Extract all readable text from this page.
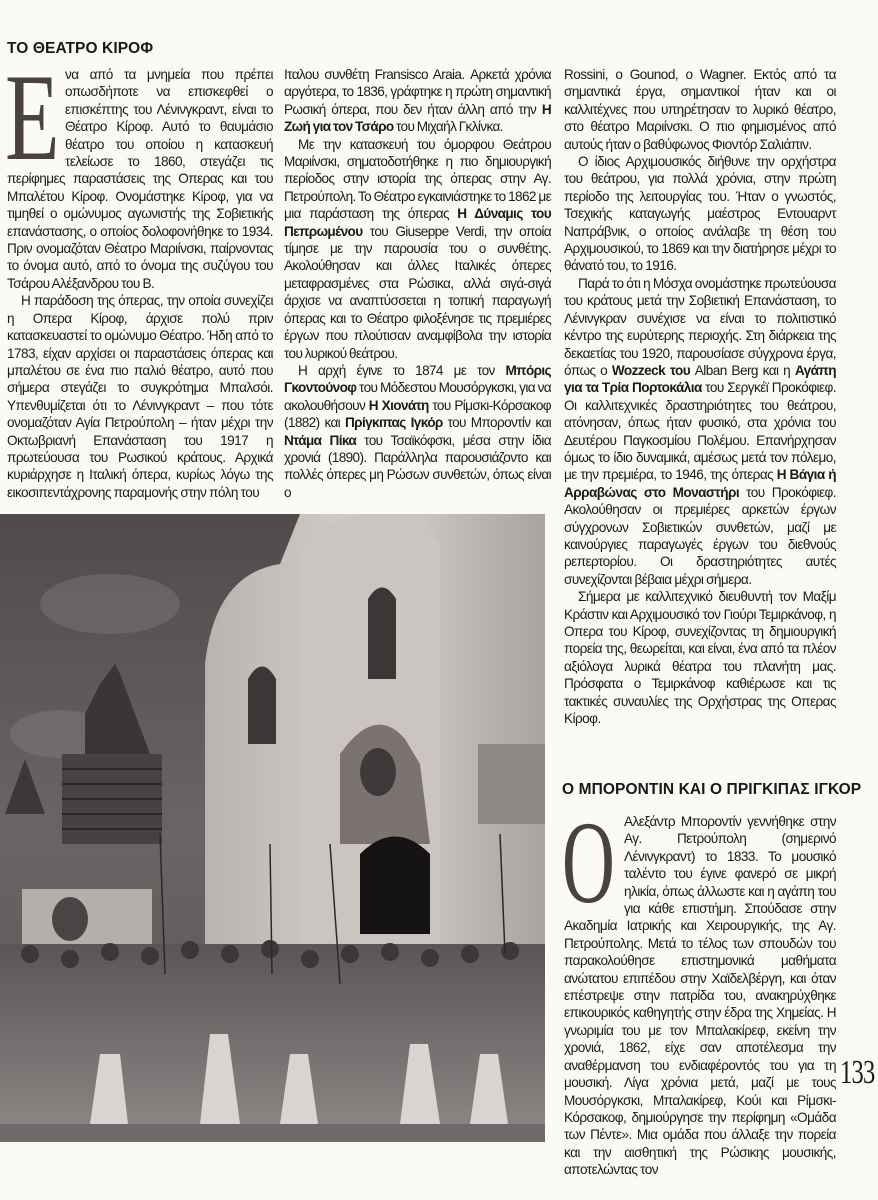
ΤΟ ΘΕΑΤΡΟ ΚΙΡΟΦ
Ε να από τα μνημεία που πρέπει οπωσδήποτε να επισκεφθεί ο επισκέπτης του Λένινγκραντ, είναι το Θέατρο Κίροφ. Αυτό το θαυμάσιο θέατρο του οποίου η κατασκευή τελείωσε το 1860, στεγάζει τις περίφημες παραστάσεις της Οπερας και του Μπαλέτου Κίροφ. Ονομάστηκε Κίροφ, για να τιμηθεί ο ομώνυμος αγωνιστής της Σοβιετικής επανάστασης, ο οποίος δολοφονήθηκε το 1934. Πριν ονομαζόταν Θέατρο Μαριίνσκι, παίρνοντας το όνομα αυτό, από το όνομα της συζύγου του Τσάρου Αλέξανδρου του Β.

Η παράδοση της όπερας, την οποία συνεχίζει η Οπερα Κίροφ, άρχισε πολύ πριν κατασκευαστεί το ομώνυμο Θέατρο. Ήδη από το 1783, είχαν αρχίσει οι παραστάσεις όπερας και μπαλέτου σε ένα πιο παλιό θέατρο, αυτό που σήμερα στεγάζει το συγκρότημα Μπαλσόι. Υπενθυμίζεται ότι το Λένινγκραντ – που τότε ονομαζόταν Αγία Πετρούπολη – ήταν μέχρι την Οκτωβριανή Επανάσταση του 1917 η πρωτεύουσα του Ρωσικού κράτους. Αρχικά κυριάρχησε η Ιταλική όπερα, κυρίως λόγω της εικοσιπεντάχρονης παραμονής στην πόλη του

Ιταλου συνθέτη Fransisco Araia. Αρκετά χρόνια αργότερα, το 1836, γράφτηκε η πρώτη σημαντική Ρωσική όπερα, που δεν ήταν άλλη από την Η Ζωή για τον Τσάρο του Μιχαήλ Γκλίνκα.

Με την κατασκευή του όμορφου Θεάτρου Μαριίνσκι, σηματοδοτήθηκε η πιο δημιουργική περίοδος στην ιστορία της όπερας στην Αγ. Πετρούπολη. Το Θέατρο εγκαινιάστηκε το 1862 με μια παράσταση της όπερας Η Δύναμις του Πεπρωμένου του Giuseppe Verdi, την οποία τίμησε με την παρουσία του ο συνθέτης. Ακολούθησαν και άλλες Ιταλικές όπερες μεταφρασμένες στα Ρώσικα, αλλά σιγά-σιγά άρχισε να αναπτύσσεται η τοπική παραγωγή όπερας και το Θέατρο φιλοξένησε τις πρεμιέρες έργων που πλούτισαν αναμφίβολα την ιστορία του λυρικού θεάτρου.

Η αρχή έγινε το 1874 με τον Μπόρις Γκοντούνοφ του Μόδεστου Μουσόργκσκι, για να ακολουθήσουν Η Χιονάτη του Ρίμσκι-Κόρσακοφ (1882) και Πρίγκιπας Ιγκόρ του Μποροντίν και Ντάμα Πίκα του Τσαϊκόφσκι, μέσα στην ίδια χρονιά (1890). Παράλληλα παρουσιάζοντο και πολλές όπερες μη Ρώσων συνθετών, όπως είναι ο

Rossini, ο Gounod, ο Wagner. Εκτός από τα σημαντικά έργα, σημαντικοί ήταν και οι καλλιτέχνες που υπηρέτησαν το λυρικό θέατρο, στο θέατρο Μαριίνσκι. Ο πιο φημισμένος από αυτούς ήταν ο βαθύφωνος Φιοντόρ Σαλιάπιν.

Ο ίδιος Αρχιμουσικός διήθυνε την ορχήστρα του θεάτρου, για πολλά χρόνια, στην πρώτη περίοδο της λειτουργίας του. Ήταν ο γνωστός, Τσεχικής καταγωγής μαέστρος Εντουαρντ Ναπράβνικ, ο οποίος ανάλαβε τη θέση του Αρχιμουσικού, το 1869 και την διατήρησε μέχρι το θάνατό του, το 1916.

Παρά το ότι η Μόσχα ονομάστηκε πρωτεύουσα του κράτους μετά την Σοβιετική Επανάσταση, το Λένινγκραν συνέχισε να είναι το πολιτιστικό κέντρο της ευρύτερης περιοχής. Στη διάρκεια της δεκαετίας του 1920, παρουσίασε σύγχρονα έργα, όπως ο Wozzeck του Alban Berg και η Αγάπη για τα Τρία Πορτοκάλια του Σεργκέϊ Προκόφιεφ. Οι καλλιτεχνικές δραστηριότητες του θεάτρου, ατόνησαν, όπως ήταν φυσικό, στα χρόνια του Δευτέρου Παγκοσμίου Πολέμου. Επανήρχησαν όμως το ίδιο δυναμικά, αμέσως μετά τον πόλεμο, με την πρεμιέρα, το 1946, της όπερας Η Βάγια ή Αρραβώνας στο Μοναστήρι του Προκόφιεφ. Ακολούθησαν οι πρεμιέρες αρκετών έργων σύγχρονων Σοβιετικών συνθετών, μαζί με καινούργιες παραγωγές έργων του διεθνούς ρεπερτορίου. Οι δραστηριότητες αυτές συνεχίζονται βέβαια μέχρι σήμερα.

Σήμερα με καλλιτεχνικό διευθυντή τον Μαξίμ Κράστιν και Αρχιμουσικό τον Γιούρι Τεμιρκάνοφ, η Οπερα του Κίροφ, συνεχίζοντας τη δημιουργική πορεία της, θεωρείται, και είναι, ένα από τα πλέον αξιόλογα λυρικά θέατρα του πλανήτη μας. Πρόσφατα ο Τεμιρκάνοφ καθιέρωσε και τις τακτικές συναυλίες της Ορχήστρας της Οπερας Κίροφ.

Ο ΜΠΟΡΟΝΤΙΝ ΚΑΙ Ο ΠΡΙΓΚΙΠΑΣ ΙΓΚΟΡ
Ο Αλεξάντρ Μποροντίν γεννήθηκε στην Αγ. Πετρούπολη (σημερινό Λένινγκραντ) το 1833. Το μουσικό ταλέντο του έγινε φανερό σε μικρή ηλικία, όπως άλλωστε και η αγάπη του για κάθε επιστήμη. Σπούδασε στην Ακαδημία Ιατρικής και Χειρουργικής, της Αγ. Πετρούπολης. Μετά το τέλος των σπουδών του παρακολούθησε επιστημονικά μαθήματα ανώτατου επιπέδου στην Χαϊδελβέργη, και όταν επέστρεψε στην πατρίδα του, ανακηρύχθηκε επικουρικός καθηγητής στην έδρα της Χημείας. Η γνωριμία του με τον Μπαλακίρεφ, εκείνη την χρονιά, 1862, είχε σαν αποτέλεσμα την αναθέρμανση του ενδιαφέροντός του για τη μουσική. Λίγα χρόνια μετά, μαζί με τους Μουσόργκσκι, Μπαλακίρεφ, Κούι και Ρίμσκι-Κόρσακοφ, δημιούργησε την περίφημη «Ομάδα των Πέντε». Μια ομάδα που άλλαξε την πορεία και την αισθητική της Ρώσικης μουσικής, αποτελώντας τον

133
